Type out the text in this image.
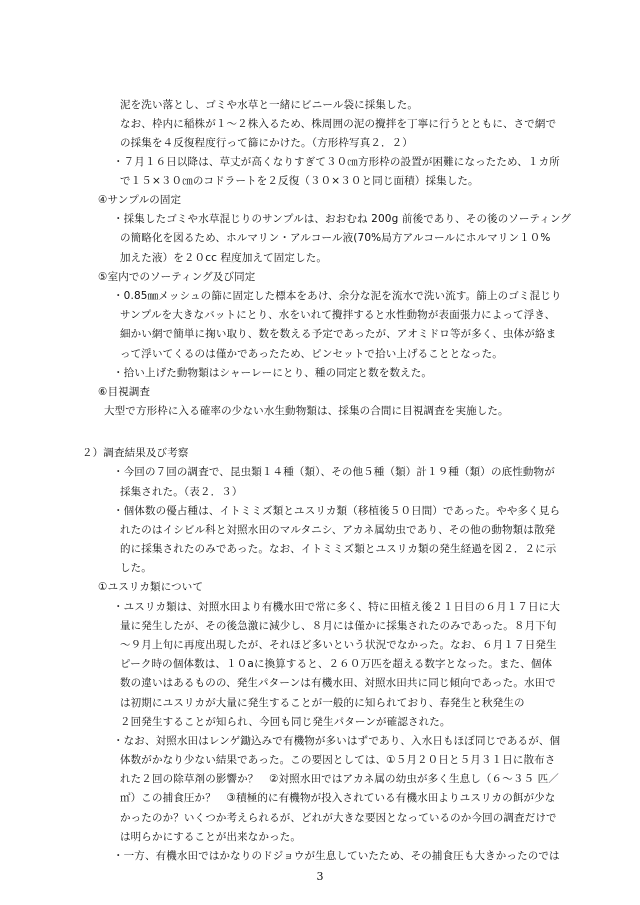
泥を洗い落とし、ゴミや水草と一緒にビニール袋に採集した。
なお、枠内に稲株が１～２株入るため、株周囲の泥の攪拌を丁寧に行うとともに、さで網で
の採集を４反復程度行って篩にかけた。（方形枠写真２．２）
・７月１６日以降は、草丈が高くなりすぎて３０㎝方形枠の設置が困難になったため、１カ所
で１５×３０㎝のコドラートを２反復（３０×３０と同じ面積）採集した。
④サンプルの固定
・採集したゴミや水草混じりのサンプルは、おおむね 200g 前後であり、その後のソーティング
の簡略化を図るため、ホルマリン・アルコール液(70%局方アルコールにホルマリン１０%
加えた液）を２０cc 程度加えて固定した。
⑤室内でのソーティング及び同定
・0.85㎜メッシュの篩に固定した標本をあけ、余分な泥を流水で洗い流す。篩上のゴミ混じり
サンプルを大きなバットにとり、水をいれて攪拌すると水性動物が表面張力によって浮き、
細かい網で簡単に掬い取り、数を数える予定であったが、アオミドロ等が多く、虫体が絡ま
って浮いてくるのは僅かであったため、ピンセットで拾い上げることとなった。
・拾い上げた動物類はシャーレーにとり、種の同定と数を数えた。
⑥目視調査
大型で方形枠に入る確率の少ない水生動物類は、採集の合間に目視調査を実施した。
２）調査結果及び考察
・今回の７回の調査で、昆虫類１４種（類）、その他５種（類）計１９種（類）の底性動物が
採集された。（表２．３）
・個体数の優占種は、イトミミズ類とユスリカ類（移植後５０日間）であった。やや多く見ら
れたのはイシビル科と対照水田のマルタニシ、アカネ属幼虫であり、その他の動物類は散発
的に採集されたのみであった。なお、イトミミズ類とユスリカ類の発生経過を図２．２に示
した。
①ユスリカ類について
・ユスリカ類は、対照水田より有機水田で常に多く、特に田植え後２１日目の６月１７日に大
量に発生したが、その後急激に減少し、８月には僅かに採集されたのみであった。８月下旬
～９月上旬に再度出現したが、それほど多いという状況でなかった。なお、６月１７日発生
ピーク時の個体数は、１０aに換算すると、２６０万匹を超える数字となった。また、個体
数の違いはあるものの、発生パターンは有機水田、対照水田共に同じ傾向であった。水田で
は初期にユスリカが大量に発生することが一般的に知られており、春発生と秋発生の
２回発生することが知られ、今回も同じ発生パターンが確認された。
・なお、対照水田はレンゲ鋤込みで有機物が多いはずであり、入水日もほぼ同じであるが、個
体数がかなり少ない結果であった。この要因としては、①５月２０日と５月３１日に散布さ
れた２回の除草剤の影響か？　②対照水田ではアカネ属の幼虫が多く生息し（６～３５ 匹／
㎡）この捕食圧か？　③積極的に有機物が投入されている有機水田よりユスリカの餌が少な
かったのか？いくつか考えられるが、どれが大きな要因となっているのか今回の調査だけで
は明らかにすることが出来なかった。
・一方、有機水田ではかなりのドジョウが生息していたため、その捕食圧も大きかったのでは
3
